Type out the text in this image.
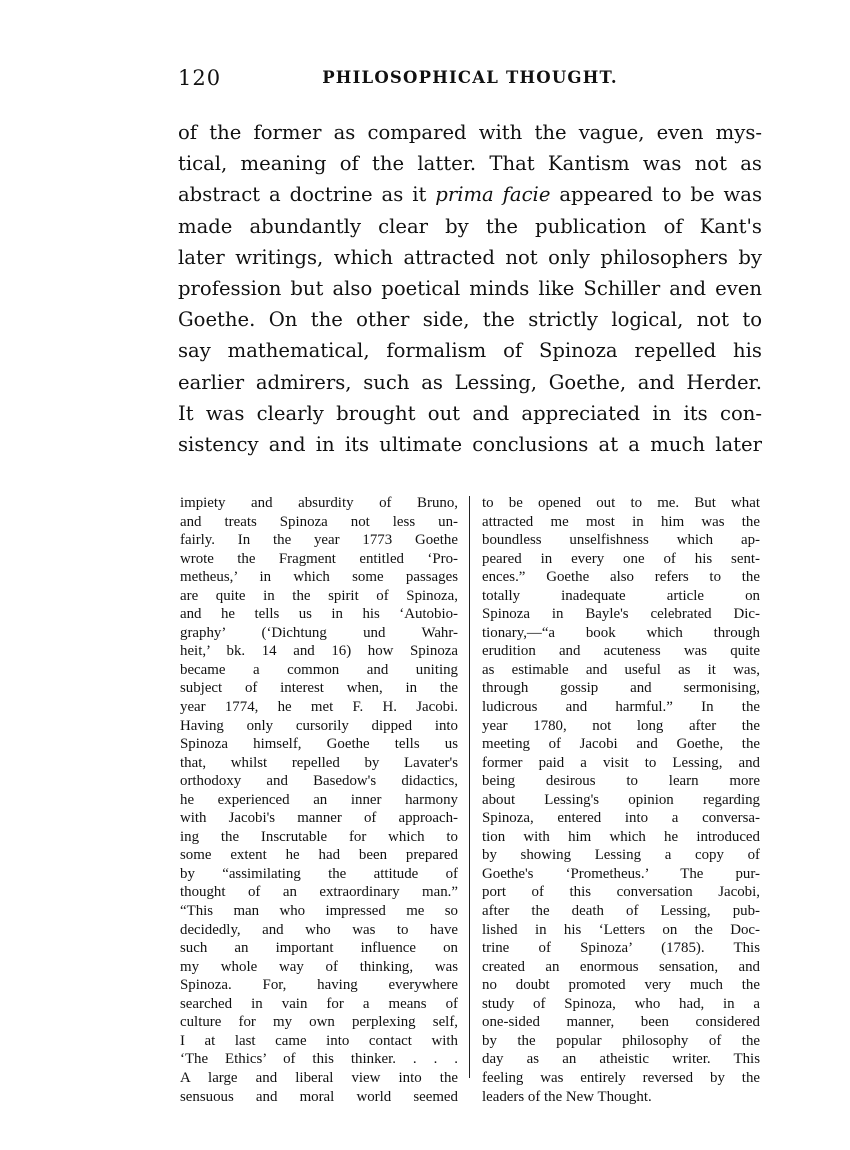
120	PHILOSOPHICAL THOUGHT.
of the former as compared with the vague, even mys-
tical, meaning of the latter. That Kantism was not as
abstract a doctrine as it prima facie appeared to be was
made abundantly clear by the publication of Kant's
later writings, which attracted not only philosophers by
profession but also poetical minds like Schiller and even
Goethe. On the other side, the strictly logical, not to
say mathematical, formalism of Spinoza repelled his
earlier admirers, such as Lessing, Goethe, and Herder.
It was clearly brought out and appreciated in its con-
sistency and in its ultimate conclusions at a much later
impiety and absurdity of Bruno,
and treats Spinoza not less un-
fairly. In the year 1773 Goethe
wrote the Fragment entitled ‘Pro-
metheus,’ in which some passages
are quite in the spirit of Spinoza,
and he tells us in his ‘Autobio-
graphy’ (‘Dichtung und Wahr-
heit,’ bk. 14 and 16) how Spinoza
became a common and uniting
subject of interest when, in the
year 1774, he met F. H. Jacobi.
Having only cursorily dipped into
Spinoza himself, Goethe tells us
that, whilst repelled by Lavater's
orthodoxy and Basedow's didactics,
he experienced an inner harmony
with Jacobi's manner of approach-
ing the Inscrutable for which to
some extent he had been prepared
by “assimilating the attitude of
thought of an extraordinary man.”
“This man who impressed me so
decidedly, and who was to have
such an important influence on
my whole way of thinking, was
Spinoza. For, having everywhere
searched in vain for a means of
culture for my own perplexing self,
I at last came into contact with
‘The Ethics’ of this thinker. . . .
A large and liberal view into the
sensuous and moral world seemed
to be opened out to me. But what
attracted me most in him was the
boundless unselfishness which ap-
peared in every one of his sent-
ences.” Goethe also refers to the
totally inadequate article on
Spinoza in Bayle's celebrated Dic-
tionary,—“a book which through
erudition and acuteness was quite
as estimable and useful as it was,
through gossip and sermonising,
ludicrous and harmful.” In the
year 1780, not long after the
meeting of Jacobi and Goethe, the
former paid a visit to Lessing, and
being desirous to learn more
about Lessing's opinion regarding
Spinoza, entered into a conversa-
tion with him which he introduced
by showing Lessing a copy of
Goethe's ‘Prometheus.’ The pur-
port of this conversation Jacobi,
after the death of Lessing, pub-
lished in his ‘Letters on the Doc-
trine of Spinoza’ (1785). This
created an enormous sensation, and
no doubt promoted very much the
study of Spinoza, who had, in a
one-sided manner, been considered
by the popular philosophy of the
day as an atheistic writer. This
feeling was entirely reversed by the
leaders of the New Thought.
